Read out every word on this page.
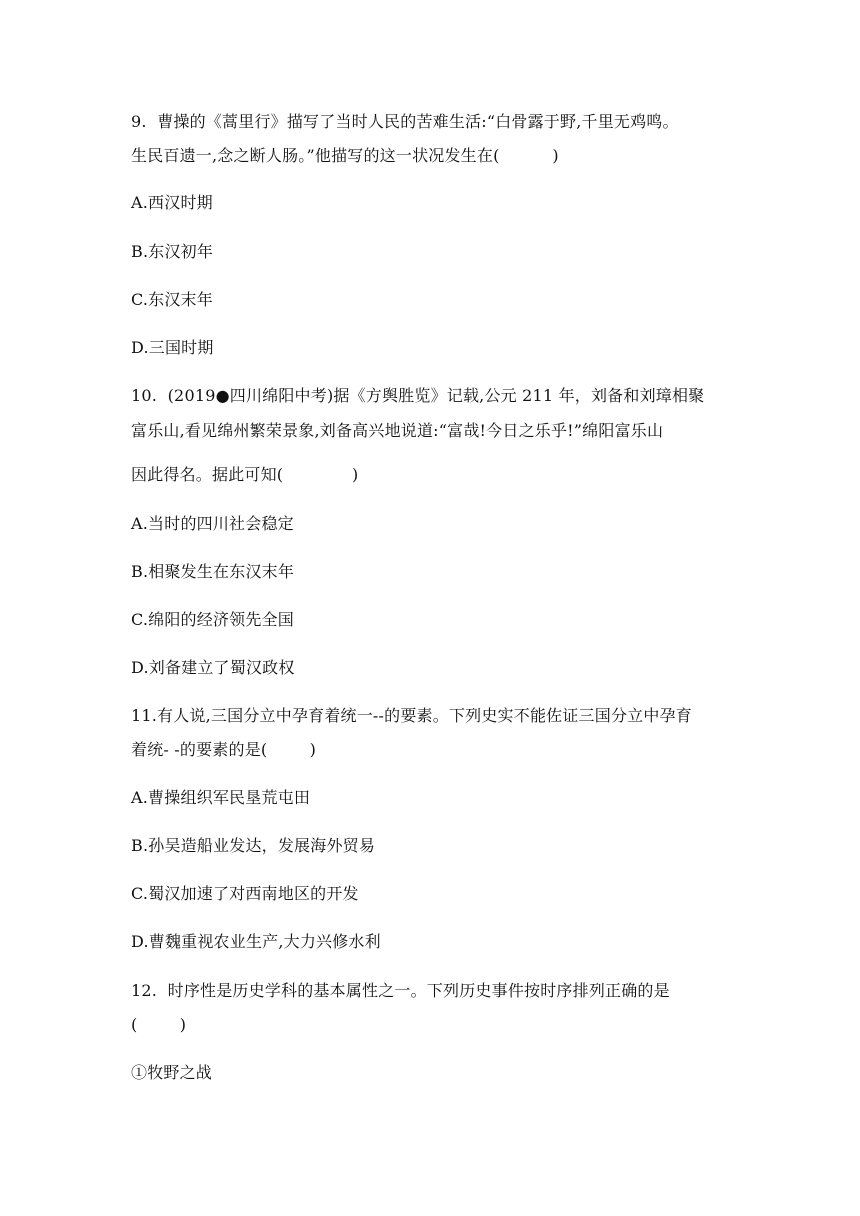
9.  曹操的《蒿里行》描写了当时人民的苦难生活:“白骨露于野,千里无鸡鸣。
生民百遗一,念之断人肠。”他描写的这一状况发生在(          )
A.西汉时期
B.东汉初年
C.东汉末年
D.三国时期
10.  (2019●四川绵阳中考)据《方舆胜览》记载,公元 211 年，刘备和刘璋相聚
富乐山,看见绵州繁荣景象,刘备高兴地说道:“富哉!今日之乐乎!”绵阳富乐山
因此得名。据此可知(             )
A.当时的四川社会稳定
B.相聚发生在东汉末年
C.绵阳的经济领先全国
D.刘备建立了蜀汉政权
11.有人说,三国分立中孕育着统一--的要素。下列史实不能佐证三国分立中孕育
着统- -的要素的是(        )
A.曹操组织军民垦荒屯田
B.孙吴造船业发达，发展海外贸易
C.蜀汉加速了对西南地区的开发
D.曹魏重视农业生产,大力兴修水利
12.  时序性是历史学科的基本属性之一。下列历史事件按时序排列正确的是
(        )
①牧野之战
